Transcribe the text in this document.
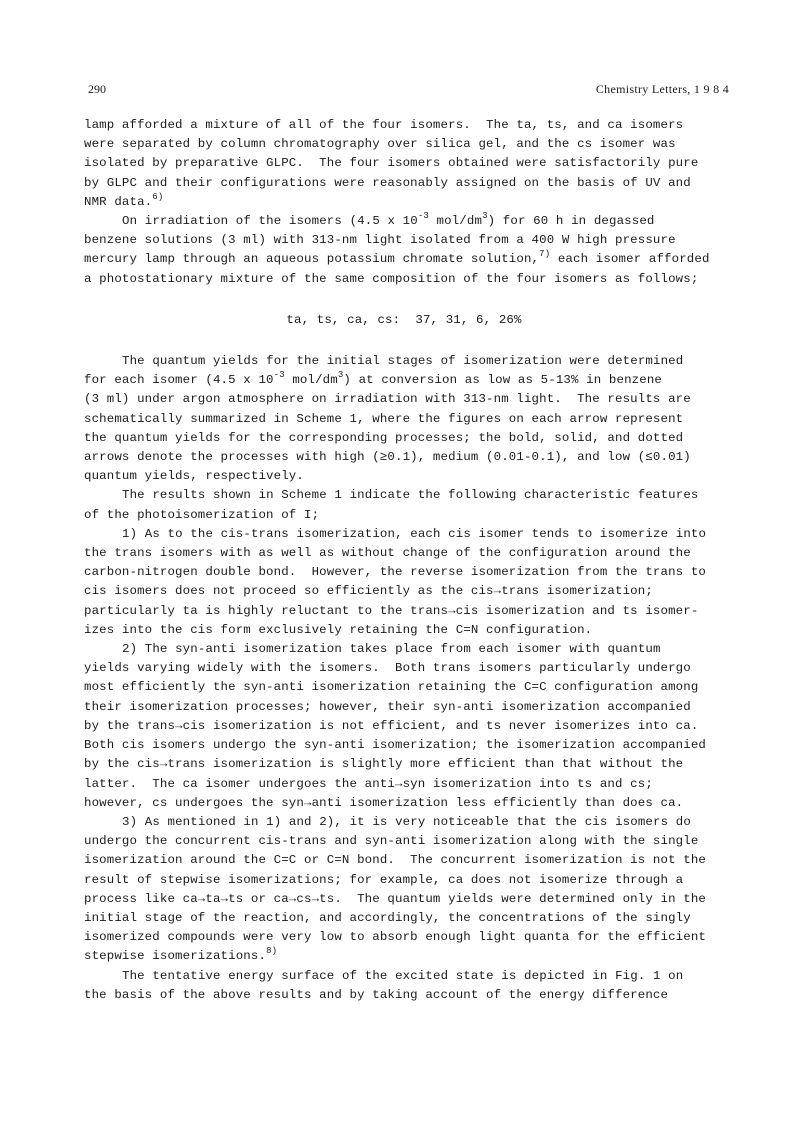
290	Chemistry Letters, 1 9 8 4
lamp afforded a mixture of all of the four isomers.  The ta, ts, and ca isomers
were separated by column chromatography over silica gel, and the cs isomer was
isolated by preparative GLPC.  The four isomers obtained were satisfactorily pure
by GLPC and their configurations were reasonably assigned on the basis of UV and
NMR data.$^{6)}$
On irradiation of the isomers (4.5 x $10^{-3}$ mol/$dm^3$) for 60 h in degassed
benzene solutions (3 ml) with 313-nm light isolated from a 400 W high pressure
mercury lamp through an aqueous potassium chromate solution,$^{7)}$ each isomer afforded
a photostationary mixture of the same composition of the four isomers as follows;
ta, ts, ca, cs:  37, 31, 6, 26%
The quantum yields for the initial stages of isomerization were determined
for each isomer (4.5 x $10^{-3}$ mol/$dm^3$) at conversion as low as 5-13% in benzene
(3 ml) under argon atmosphere on irradiation with 313-nm light.  The results are
schematically summarized in Scheme 1, where the figures on each arrow represent
the quantum yields for the corresponding processes; the bold, solid, and dotted
arrows denote the processes with high (≥0.1), medium (0.01-0.1), and low (≤0.01)
quantum yields, respectively.
The results shown in Scheme 1 indicate the following characteristic features
of the photoisomerization of I;
1) As to the cis-trans isomerization, each cis isomer tends to isomerize into
the trans isomers with as well as without change of the configuration around the
carbon-nitrogen double bond.  However, the reverse isomerization from the trans to
cis isomers does not proceed so efficiently as the cis→trans isomerization;
particularly ta is highly reluctant to the trans→cis isomerization and ts isomer-
izes into the cis form exclusively retaining the C=N configuration.
2) The syn-anti isomerization takes place from each isomer with quantum
yields varying widely with the isomers.  Both trans isomers particularly undergo
most efficiently the syn-anti isomerization retaining the C=C configuration among
their isomerization processes; however, their syn-anti isomerization accompanied
by the trans→cis isomerization is not efficient, and ts never isomerizes into ca.
Both cis isomers undergo the syn-anti isomerization; the isomerization accompanied
by the cis→trans isomerization is slightly more efficient than that without the
latter.  The ca isomer undergoes the anti→syn isomerization into ts and cs;
however, cs undergoes the syn→anti isomerization less efficiently than does ca.
3) As mentioned in 1) and 2), it is very noticeable that the cis isomers do
undergo the concurrent cis-trans and syn-anti isomerization along with the single
isomerization around the C=C or C=N bond.  The concurrent isomerization is not the
result of stepwise isomerizations; for example, ca does not isomerize through a
process like ca→ta→ts or ca→cs→ts.  The quantum yields were determined only in the
initial stage of the reaction, and accordingly, the concentrations of the singly
isomerized compounds were very low to absorb enough light quanta for the efficient
stepwise isomerizations.$^{8)}$
The tentative energy surface of the excited state is depicted in Fig. 1 on
the basis of the above results and by taking account of the energy difference
